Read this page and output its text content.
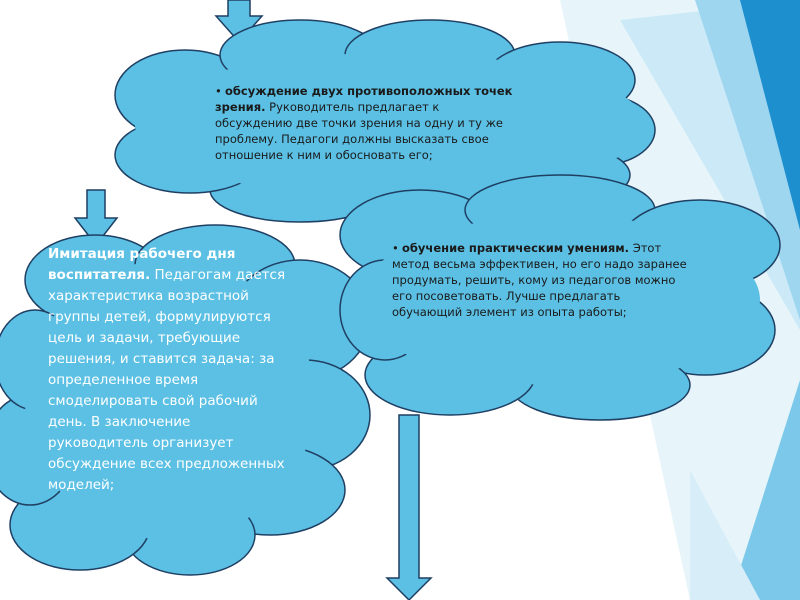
• обсуждение двух противоположных точек зрения. Руководитель предлагает к обсуждению две точки зрения на одну и ту же проблему. Педагоги должны высказать свое отношение к ним и обосновать его;
• обучение практическим умениям. Этот метод весьма эффективен, но его надо заранее продумать, решить, кому из педагогов можно его посоветовать. Лучше предлагать обучающий элемент из опыта работы;
Имитация рабочего дня воспитателя. Педагогам дается характеристика возрастной группы детей, формулируются цель и задачи, требующие решения, и ставится задача: за определенное время смоделировать свой рабочий день. В заключение руководитель организует обсуждение всех предложенных моделей;
